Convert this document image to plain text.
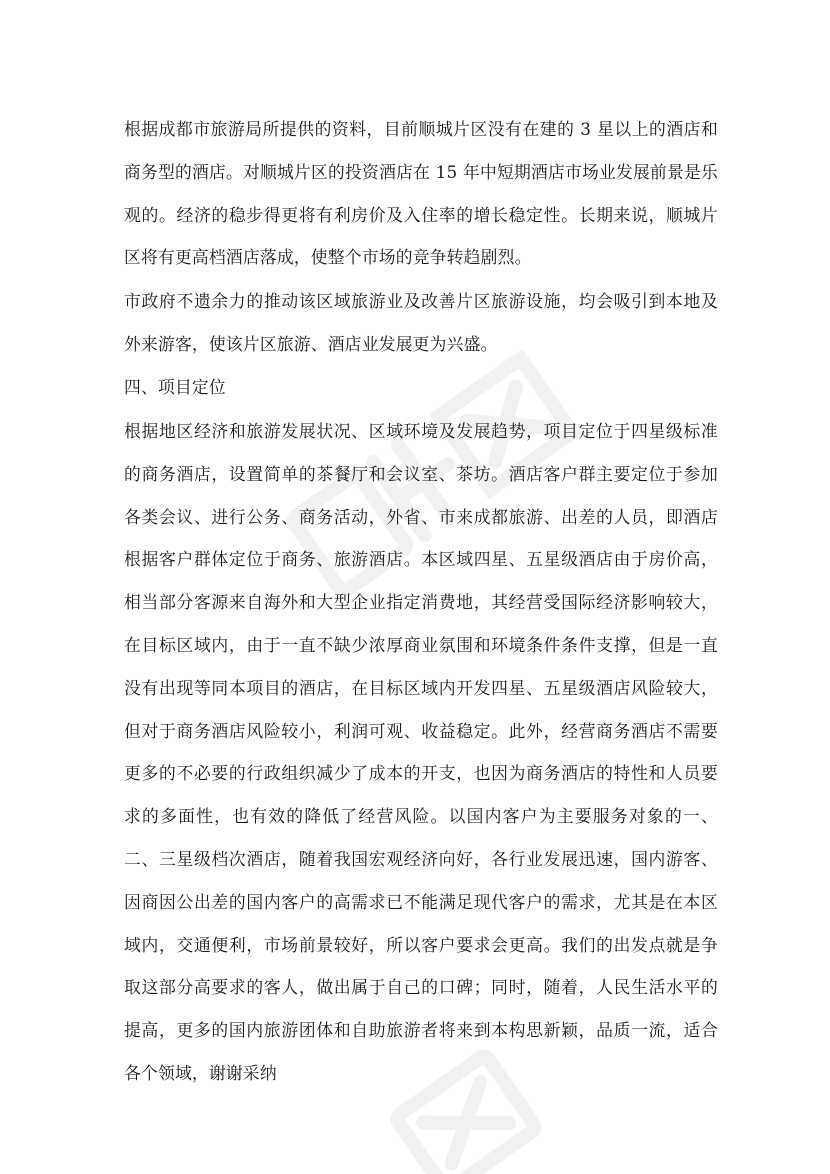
根据成都市旅游局所提供的资料，目前顺城片区没有在建的 3 星以上的酒店和商务型的酒店。对顺城片区的投资酒店在 15 年中短期酒店市场业发展前景是乐观的。经济的稳步得更将有利房价及入住率的增长稳定性。长期来说，顺城片区将有更高档酒店落成，使整个市场的竞争转趋剧烈。

市政府不遗余力的推动该区域旅游业及改善片区旅游设施，均会吸引到本地及外来游客，使该片区旅游、酒店业发展更为兴盛。

四、项目定位

根据地区经济和旅游发展状况、区域环境及发展趋势，项目定位于四星级标准的商务酒店，设置简单的茶餐厅和会议室、茶坊。酒店客户群主要定位于参加各类会议、进行公务、商务活动，外省、市来成都旅游、出差的人员，即酒店根据客户群体定位于商务、旅游酒店。本区域四星、五星级酒店由于房价高，相当部分客源来自海外和大型企业指定消费地，其经营受国际经济影响较大，在目标区域内，由于一直不缺少浓厚商业氛围和环境条件条件支撑，但是一直没有出现等同本项目的酒店，在目标区域内开发四星、五星级酒店风险较大，但对于商务酒店风险较小，利润可观、收益稳定。此外，经营商务酒店不需要更多的不必要的行政组织减少了成本的开支，也因为商务酒店的特性和人员要求的多面性，也有效的降低了经营风险。以国内客户为主要服务对象的一、二、三星级档次酒店，随着我国宏观经济向好，各行业发展迅速，国内游客、因商因公出差的国内客户的高需求已不能满足现代客户的需求，尤其是在本区域内，交通便利，市场前景较好，所以客户要求会更高。我们的出发点就是争取这部分高要求的客人，做出属于自己的口碑；同时，随着，人民生活水平的提高，更多的国内旅游团体和自助旅游者将来到本构思新颖，品质一流，适合各个领域，谢谢采纳
